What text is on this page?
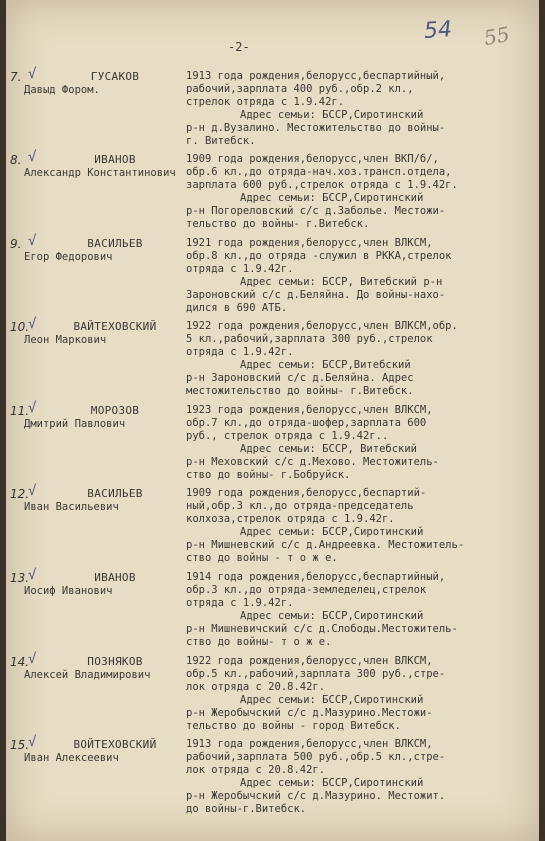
-2-
54 55
7. √	ГУСАКОВ
Давыд Фором.
1913 года рождения,белорусс,беспартийный,
рабочий,зарплата 400 руб.,обр.2 кл.,
стрелок отряда с 1.9.42г.
Адрес семьи: БССР,Сиротинский
р-н д.Вузалино. Местожительство до войны-
г. Витебск.
8. √	ИВАНОВ
Александр Константинович
1909 года рождения,белорусс,член ВКП/б/,
обр.6 кл.,до отряда-нач.хоз.трансп.отдела,
зарплата 600 руб.,стрелок отряда с 1.9.42г.
Адрес семьи: БССР,Сиротинский
р-н Погореловский с/с д.Заболье. Местожи-
тельство до войны- г.Витебск.
9. √	ВАСИЛЬЕВ
Егор Федорович
1921 года рождения,белорусс,член ВЛКСМ,
обр.8 кл.,до отряда -служил в РККА,стрелок
отряда с 1.9.42г.
Адрес семьи: БССР, Витебский р-н
Зароновский с/с д.Беляйна. До войны-нахо-
дился в 690 АТБ.
10.
√	ВАЙТЕХОВСКИЙ
Леон Маркович
1922 года рождения,белорусс,член ВЛКСМ,обр.
5 кл.,рабочий,зарплата 300 руб.,стрелок
отряда с 1.9.42г.
Адрес семьи: БССР,Витебский
р-н Зароновский с/с д.Беляйна. Адрес
местожительство до войны- г.Витебск.
11.
√	МОРОЗОВ
Дмитрий Павлович
1923 года рождения,белорусс,член ВЛКСМ,
обр.7 кл.,до отряда-шофер,зарплата 600
руб., стрелок отряда с 1.9.42г..
Адрес семьи: БССР, Витебский
р-н Меховский с/с д.Мехово. Местожитель-
ство до войны- г.Бобруйск.
12.
√	ВАСИЛЬЕВ
Иван Васильевич
1909 года рождения,белорусс,беспартий-
ный,обр.3 кл.,до отряда-председатель
колхоза,стрелок отряда с 1.9.42г.
Адрес семьи: БССР,Сиротинский
р-н Мишневский с/с д.Андреевка. Местожитель-
ство до войны - т о ж е.
13.
√	ИВАНОВ
Иосиф Иванович
1914 года рождения,белорусс,беспартийный,
обр.3 кл.,до отряда-земледелец,стрелок
отряда с 1.9.42г.
Адрес семьи: БССР,Сиротинский
р-н Мишневичский с/с д.Слободы.Местожитель-
ство до войны- т о ж е.
14.
√	ПОЗНЯКОВ
Алексей Владимирович
1922 года рождения,белорусс,член ВЛКСМ,
обр.5 кл.,рабочий,зарплата 300 руб.,стре-
лок отряда с 20.8.42г.
Адрес семьи: БССР,Сиротинский
р-н Жеробычский с/с д.Мазурино.Местожи-
тельство до войны - город Витебск.
15.
√	ВОЙТЕХОВСКИЙ
Иван Алексеевич
1913 года рождения,белорусс,член ВЛКСМ,
рабочий,зарплата 500 руб.,обр.5 кл.,стре-
лок отряда с 20.8.42г.
Адрес семьи: БССР,Сиротинский
р-н Жеробычский с/с д.Мазурино. Местожит.
до войны-г.Витебск.
